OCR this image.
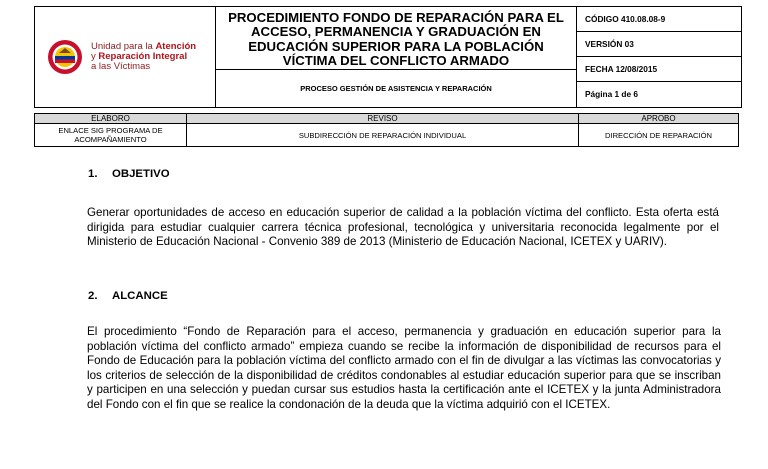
Unidad para la Atención
y Reparación Integral
a las Víctimas

PROCEDIMIENTO FONDO DE REPARACIÓN PARA EL ACCESO, PERMANENCIA Y GRADUACIÓN EN EDUCACIÓN SUPERIOR PARA LA POBLACIÓN VÍCTIMA DEL CONFLICTO ARMADO
PROCESO GESTIÓN DE ASISTENCIA Y REPARACIÓN

CÓDIGO 410.08.08-9
VERSIÓN 03
FECHA 12/08/2015
Página 1 de 6
ELABORO	REVISO	APROBO
ENLACE SIG PROGRAMA DE ACOMPAÑAMIENTO	SUBDIRECCIÓN DE REPARACIÓN INDIVIDUAL	DIRECCIÓN DE REPARACIÓN
1. OBJETIVO
Generar oportunidades de acceso en educación superior de calidad a la población víctima del conflicto. Esta oferta está dirigida para estudiar cualquier carrera técnica profesional, tecnológica y universitaria reconocida legalmente por el Ministerio de Educación Nacional - Convenio 389 de 2013 (Ministerio de Educación Nacional, ICETEX y UARIV).
2. ALCANCE
El procedimiento “Fondo de Reparación para el acceso, permanencia y graduación en educación superior para la población víctima del conflicto armado” empieza cuando se recibe la información de disponibilidad de recursos para el Fondo de Educación para la población víctima del conflicto armado con el fin de divulgar a las víctimas las convocatorias y los criterios de selección de la disponibilidad de créditos condonables al estudiar educación superior para que se inscriban y participen en una selección y puedan cursar sus estudios hasta la certificación ante el ICETEX y la junta Administradora del Fondo con el fin que se realice la condonación de la deuda que la víctima adquirió con el ICETEX.
